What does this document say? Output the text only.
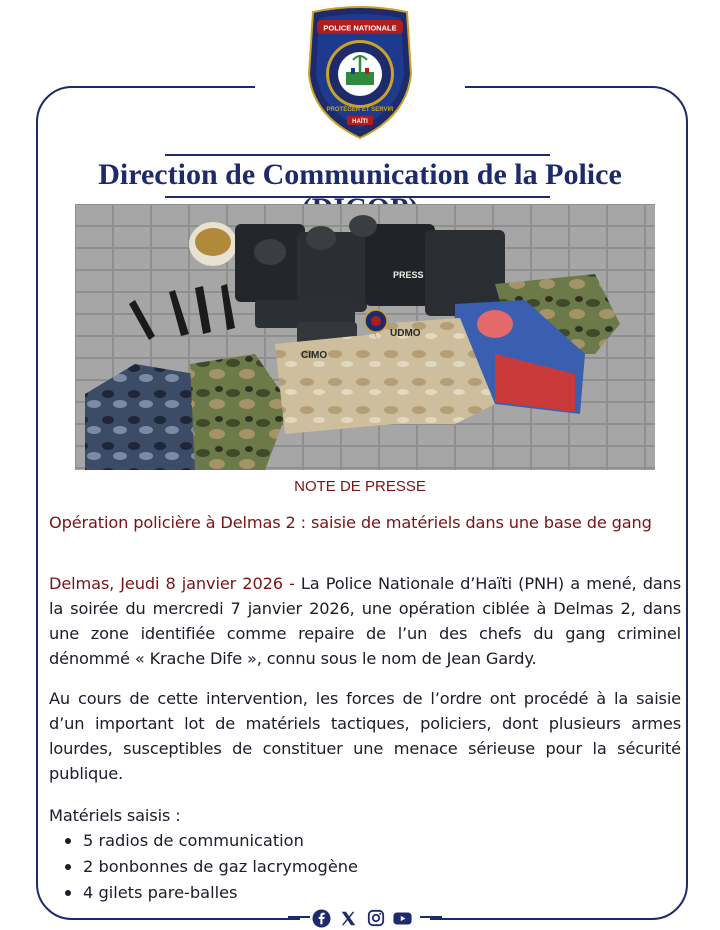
POLICE NATIONALE
PROTÉGER ET SERVIR
HAÏTI
Direction de Communication de la Police
PRESS
CIMO
UDMO
NOTE DE PRESSE
Opération policière à Delmas 2 : saisie de matériels dans une base de gang
Delmas, Jeudi 8 janvier 2026 - La Police Nationale d’Haïti (PNH) a mené, dans la soirée du mercredi 7 janvier 2026, une opération ciblée à Delmas 2, dans une zone identifiée comme repaire de l’un des chefs du gang criminel dénommé « Krache Dife », connu sous le nom de Jean Gardy.
Au cours de cette intervention, les forces de l’ordre ont procédé à la saisie d’un important lot de matériels tactiques, policiers, dont plusieurs armes lourdes, susceptibles de constituer une menace sérieuse pour la sécurité publique.
Matériels saisis :
5 radios de communication
2 bonbonnes de gaz lacrymogène
4 gilets pare-balles
